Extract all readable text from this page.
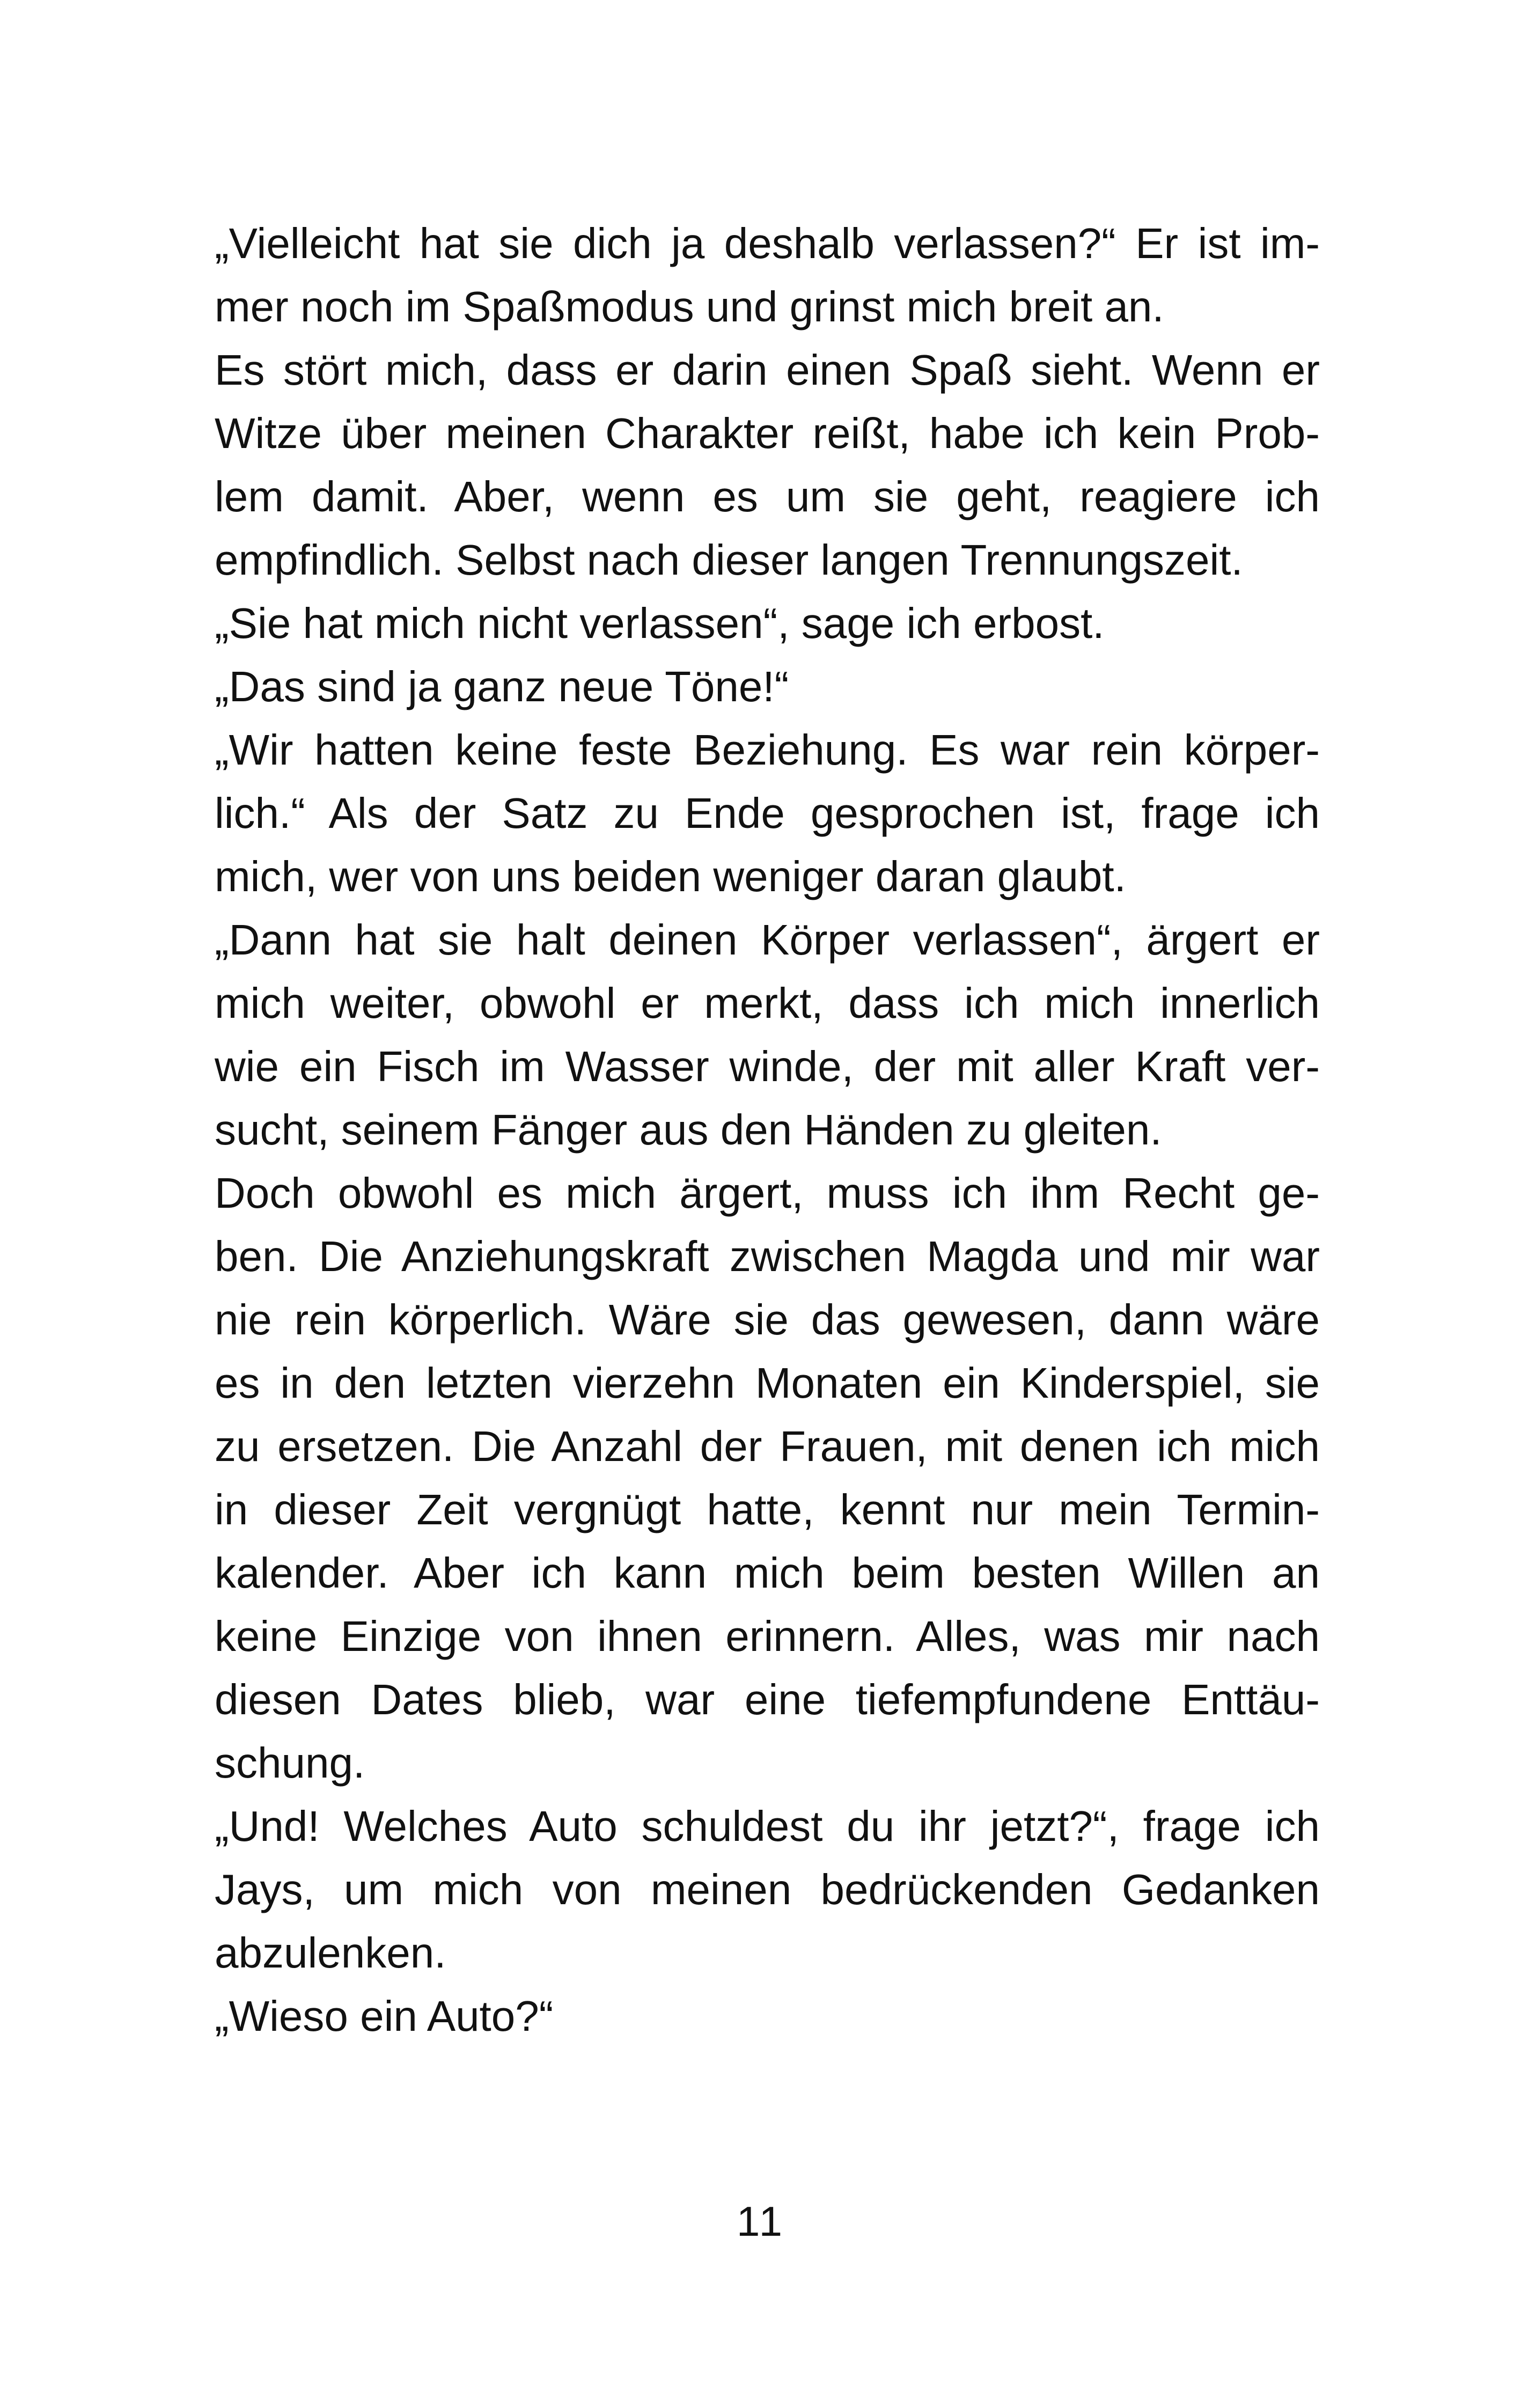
„Vielleicht hat sie dich ja deshalb verlassen?“ Er ist im-
mer noch im Spaßmodus und grinst mich breit an.
Es stört mich, dass er darin einen Spaß sieht. Wenn er
Witze über meinen Charakter reißt, habe ich kein Prob-
lem damit. Aber, wenn es um sie geht, reagiere ich
empfindlich. Selbst nach dieser langen Trennungszeit.
„Sie hat mich nicht verlassen“, sage ich erbost.
„Das sind ja ganz neue Töne!“
„Wir hatten keine feste Beziehung. Es war rein körper-
lich.“ Als der Satz zu Ende gesprochen ist, frage ich
mich, wer von uns beiden weniger daran glaubt.
„Dann hat sie halt deinen Körper verlassen“, ärgert er
mich weiter, obwohl er merkt, dass ich mich innerlich
wie ein Fisch im Wasser winde, der mit aller Kraft ver-
sucht, seinem Fänger aus den Händen zu gleiten.
Doch obwohl es mich ärgert, muss ich ihm Recht ge-
ben. Die Anziehungskraft zwischen Magda und mir war
nie rein körperlich. Wäre sie das gewesen, dann wäre
es in den letzten vierzehn Monaten ein Kinderspiel, sie
zu ersetzen. Die Anzahl der Frauen, mit denen ich mich
in dieser Zeit vergnügt hatte, kennt nur mein Termin-
kalender. Aber ich kann mich beim besten Willen an
keine Einzige von ihnen erinnern. Alles, was mir nach
diesen Dates blieb, war eine tiefempfundene Enttäu-
schung.
„Und! Welches Auto schuldest du ihr jetzt?“, frage ich
Jays, um mich von meinen bedrückenden Gedanken
abzulenken.
„Wieso ein Auto?“
11
